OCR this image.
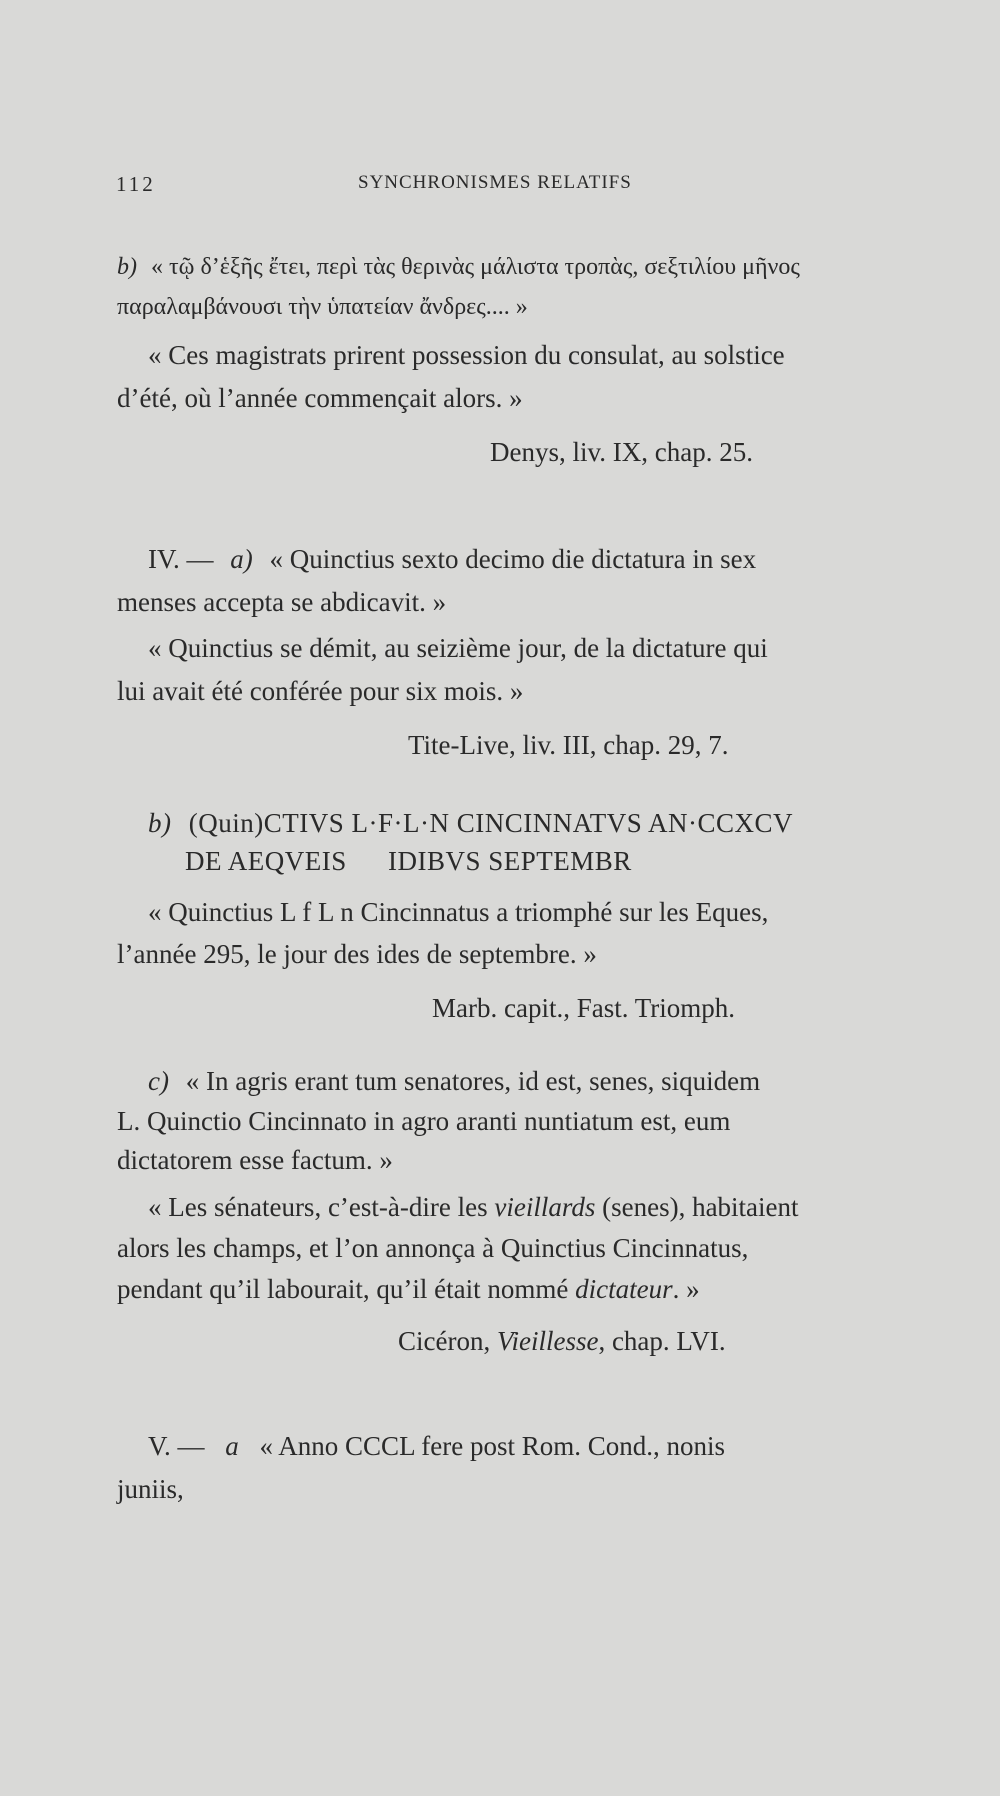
112	SYNCHRONISMES RELATIFS
b) « τῷ δ’ἑξῆς ἔτει, περὶ τὰς θερινὰς μάλιστα τροπὰς, σεξτιλίου μῆνος
παραλαμβάνουσι τὴν ὑπατείαν ἄνδρες.... »
« Ces magistrats prirent possession du consulat, au solstice
d’été, où l’année commençait alors. »
Denys, liv. IX, chap. 25.
IV. — a) « Quinctius sexto decimo die dictatura in sex
menses accepta se abdicavit. »
« Quinctius se démit, au seizième jour, de la dictature qui
lui avait été conférée pour six mois. »
Tite-Live, liv. III, chap. 29, 7.
b) (Quin)CTIVS L·F·L·N CINCINNATVS AN·CCXCV
DE AEQVEIS IDIBVS SEPTEMBR
« Quinctius L f L n Cincinnatus a triomphé sur les Eques,
l’année 295, le jour des ides de septembre. »
Marb. capit., Fast. Triomph.
c) « In agris erant tum senatores, id est, senes, siquidem
L. Quinctio Cincinnato in agro aranti nuntiatum est, eum
dictatorem esse factum. »
« Les sénateurs, c’est-à-dire les vieillards (senes), habitaient
alors les champs, et l’on annonça à Quinctius Cincinnatus,
pendant qu’il labourait, qu’il était nommé dictateur. »
Cicéron, Vieillesse, chap. LVI.
V. — a « Anno CCCL fere post Rom. Cond., nonis
juniis,
